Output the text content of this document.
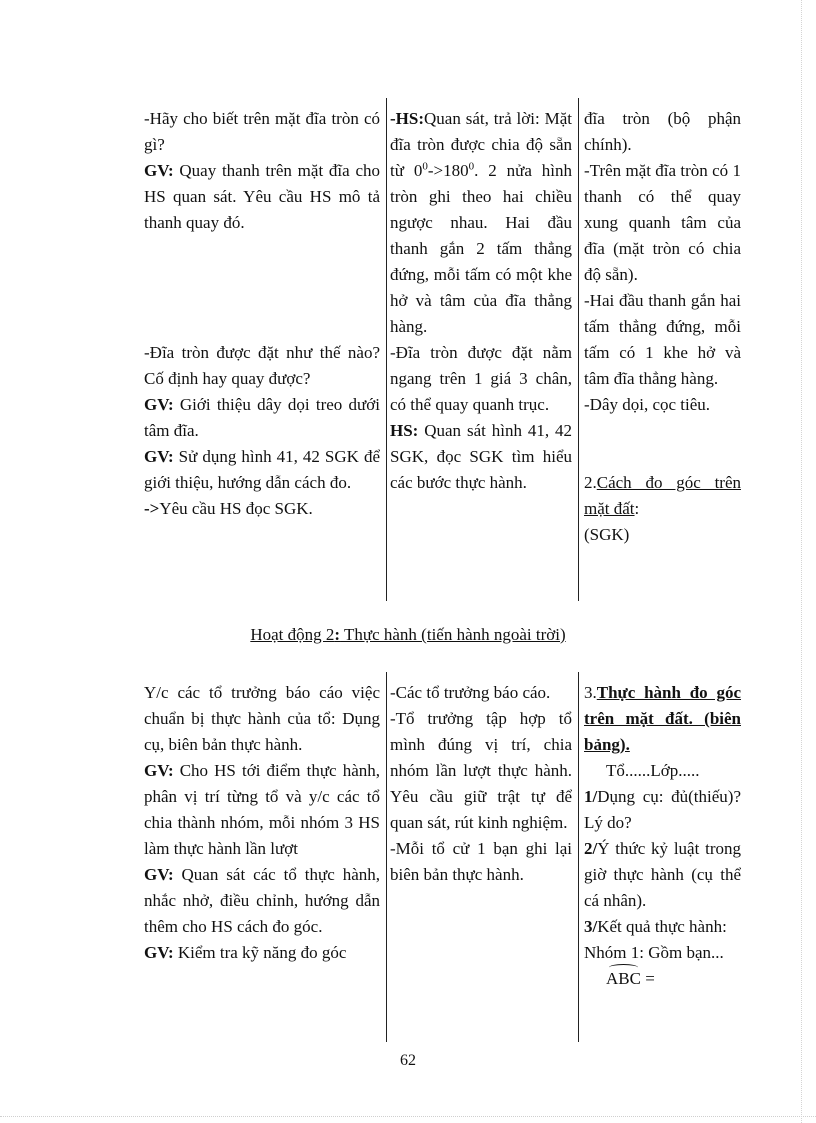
-Hãy cho biết trên mặt đĩa tròn có gì?

GV: Quay thanh trên mặt đĩa cho HS quan sát. Yêu cầu HS mô tả thanh quay đó.

-Đĩa tròn được đặt như thế nào? Cố định hay quay được?

GV: Giới thiệu dây dọi treo dưới tâm đĩa.

GV: Sử dụng hình 41, 42 SGK để giới thiệu, hướng dẫn cách đo.

->Yêu cầu HS đọc SGK.

-HS:Quan sát, trả lời: Mặt đĩa tròn được chia độ sẵn từ $0^0->180^0$. 2 nửa hình tròn ghi theo hai chiều ngược nhau. Hai đầu thanh gắn 2 tấm thẳng đứng, mỗi tấm có một khe hở và tâm của đĩa thẳng hàng.

-Đĩa tròn được đặt nằm ngang trên 1 giá 3 chân, có thể quay quanh trục.

HS: Quan sát hình 41, 42 SGK, đọc SGK tìm hiểu các bước thực hành.

đĩa tròn (bộ phận chính).

-Trên mặt đĩa tròn có 1 thanh có thể quay xung quanh tâm của đĩa (mặt tròn có chia độ sẵn).

-Hai đầu thanh gắn hai tấm thẳng đứng, mỗi tấm có 1 khe hở và tâm đĩa thẳng hàng.

-Dây dọi, cọc tiêu.

2.Cách đo góc trên mặt đất:

(SGK)

Hoạt động 2: Thực hành (tiến hành ngoài trời)

Y/c các tổ trưởng báo cáo việc chuẩn bị thực hành của tổ: Dụng cụ, biên bản thực hành.

GV: Cho HS tới điểm thực hành, phân vị trí từng tổ và y/c các tổ chia thành nhóm, mỗi nhóm 3 HS làm thực hành lần lượt

GV: Quan sát các tổ thực hành, nhắc nhở, điều chỉnh, hướng dẫn thêm cho HS cách đo góc.

GV: Kiểm tra kỹ năng đo góc

-Các tổ trưởng báo cáo.

-Tổ trưởng tập hợp tổ mình đúng vị trí, chia nhóm lần lượt thực hành. Yêu cầu giữ trật tự để quan sát, rút kinh nghiệm.

-Mỗi tổ cử 1 bạn ghi lại biên bản thực hành.

3.Thực hành đo góc trên mặt đất. (biên bảng).

Tổ......Lớp.....

1/Dụng cụ: đủ(thiếu)? Lý do?

2/Ý thức kỷ luật trong giờ thực hành (cụ thể cá nhân).

3/Kết quả thực hành:

Nhóm 1: Gồm bạn...

ABC =

62
